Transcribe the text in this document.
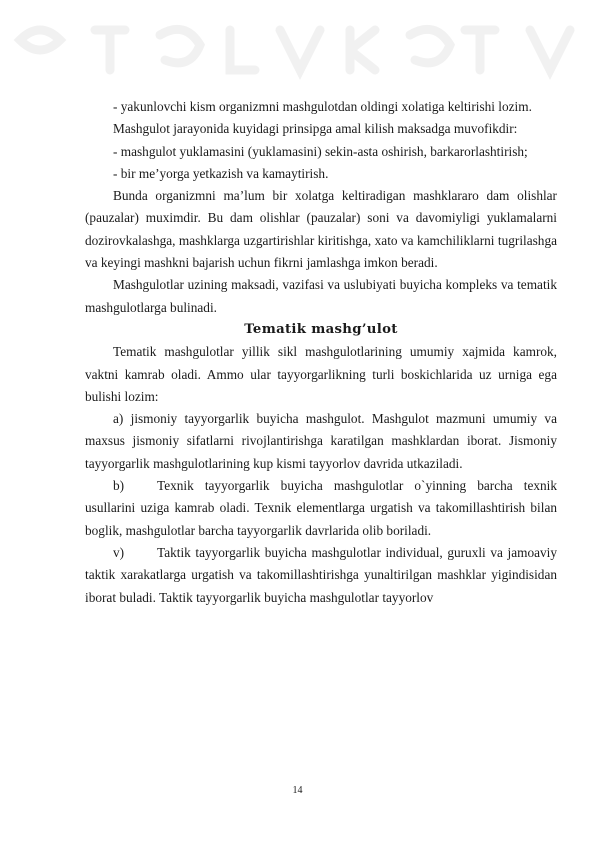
- yakunlovchi kism organizmni mashgulotdan oldingi xolatiga keltirishi lozim.

Mashgulot jarayonida kuyidagi prinsipga amal kilish maksadga muvofikdir:

- mashgulot yuklamasini (yuklamasini) sekin-asta oshirish, barkarorlashtirish;

- bir me’yorga yetkazish va kamaytirish.

Bunda organizmni ma’lum bir xolatga keltiradigan mashklararo dam olishlar (pauzalar) muximdir. Bu dam olishlar (pauzalar) soni va davomiyligi yuklamalarni dozirovkalashga, mashklarga uzgartirishlar kiritishga, xato va kamchiliklarni tugrilashga va keyingi mashkni bajarish uchun fikrni jamlashga imkon beradi.

Mashgulotlar uzining maksadi, vazifasi va uslubiyati buyicha kompleks va tematik mashgulotlarga bulinadi.

Tematik mashg’ulot

Tematik mashgulotlar yillik sikl mashgulotlarining umumiy xajmida kamrok, vaktni kamrab oladi. Ammo ular tayyorgarlikning turli boskichlarida uz urniga ega bulishi lozim:

a) jismoniy tayyorgarlik buyicha mashgulot. Mashgulot mazmuni umumiy va maxsus jismoniy sifatlarni rivojlantirishga karatilgan mashklardan iborat. Jismoniy tayyorgarlik mashgulotlarining kup kismi tayyorlov davrida utkaziladi.

b) Texnik tayyorgarlik buyicha mashgulotlar o`yinning barcha texnik usullarini uziga kamrab oladi. Texnik elementlarga urgatish va takomillashtirish bilan boglik, mashgulotlar barcha tayyorgarlik davrlarida olib boriladi.

v) Taktik tayyorgarlik buyicha mashgulotlar individual, guruxli va jamoaviy taktik xarakatlarga urgatish va takomillashtirishga yunaltirilgan mashklar yigindisidan iborat buladi. Taktik tayyorgarlik buyicha mashgulotlar tayyorlov

14
